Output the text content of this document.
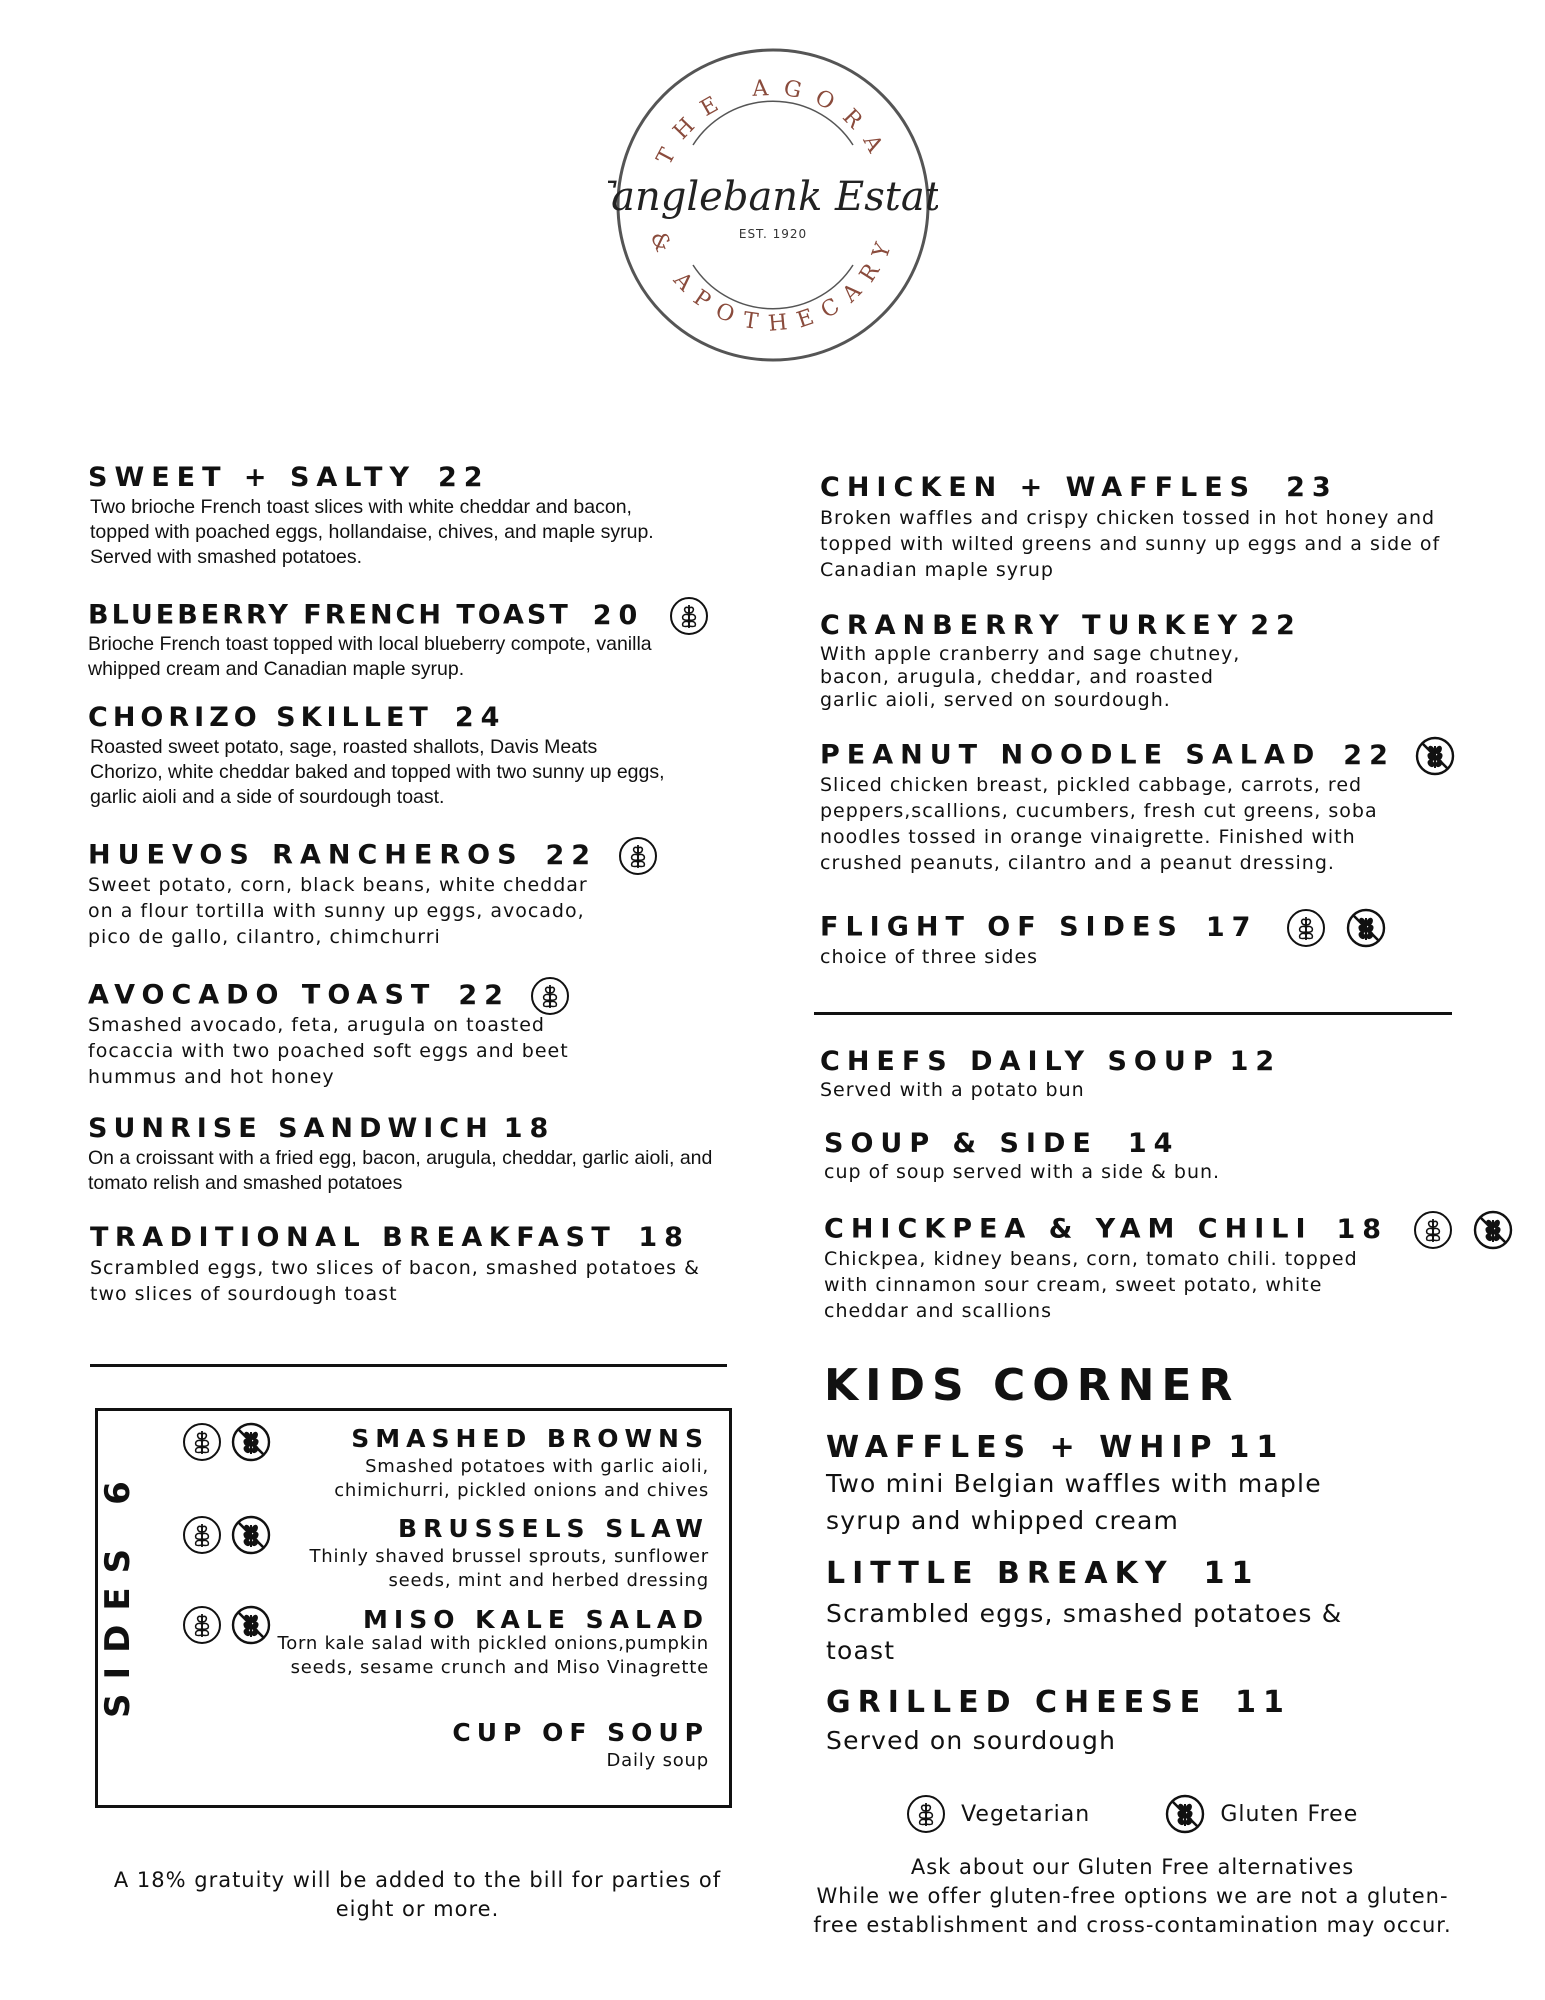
THE AGORA
& APOTHECARY
Tanglebank Esta
EST. 1920
SWEET + SALTY 22
Two brioche French toast slices with white cheddar and bacon, topped with poached eggs, hollandaise, chives, and maple syrup. Served with smashed potatoes.
BLUEBERRY FRENCH TOAST 20
Brioche French toast topped with local blueberry compote, vanilla whipped cream and Canadian maple syrup.
CHORIZO SKILLET 24
Roasted sweet potato, sage, roasted shallots, Davis Meats Chorizo, white cheddar baked and topped with two sunny up eggs, garlic aioli and a side of sourdough toast.
HUEVOS RANCHEROS 22
Sweet potato, corn, black beans, white cheddar on a flour tortilla with sunny up eggs, avocado, pico de gallo, cilantro, chimchurri
AVOCADO TOAST 22
Smashed avocado, feta, arugula on toasted focaccia with two poached soft eggs and beet hummus and hot honey
SUNRISE SANDWICH 18
On a croissant with a fried egg, bacon, arugula, cheddar, garlic aioli, and tomato relish and smashed potatoes
TRADITIONAL BREAKFAST 18
Scrambled eggs, two slices of bacon, smashed potatoes & two slices of sourdough toast
SIDES6

SMASHED BROWNS
Smashed potatoes with garlic aioli, chimichurri, pickled onions and chives
BRUSSELS SLAW
Thinly shaved brussel sprouts, sunflower seeds, mint and herbed dressing
MISO KALE SALAD
Torn kale salad with pickled onions,pumpkin seeds, sesame crunch and Miso Vinagrette
CUP OF SOUP
Daily soup
A 18% gratuity will be added to the bill for parties of eight or more.
CHICKEN + WAFFLES 23
Broken waffles and crispy chicken tossed in hot honey and topped with wilted greens and sunny up eggs and a side of Canadian maple syrup
CRANBERRY TURKEY 22
With apple cranberry and sage chutney, bacon, arugula, cheddar, and roasted garlic aioli, served on sourdough.
PEANUT NOODLE SALAD 22
Sliced chicken breast, pickled cabbage, carrots, red peppers,scallions, cucumbers, fresh cut greens, soba noodles tossed in orange vinaigrette. Finished with crushed peanuts, cilantro and a peanut dressing.
FLIGHT OF SIDES 17

choice of three sides
CHEFS DAILY SOUP 12
Served with a potato bun
SOUP & SIDE 14
cup of soup served with a side & bun.
CHICKPEA & YAM CHILI 18

Chickpea, kidney beans, corn, tomato chili. topped with cinnamon sour cream, sweet potato, white cheddar and scallions
KIDS CORNER
WAFFLES + WHIP 11
Two mini Belgian waffles with maple syrup and whipped cream
LITTLE BREAKY 11
Scrambled eggs, smashed potatoes & toast
GRILLED CHEESE 11
Served on sourdough
Vegetarian	Gluten Free
Ask about our Gluten Free alternatives
While we offer gluten-free options we are not a gluten-free establishment and cross-contamination may occur.
